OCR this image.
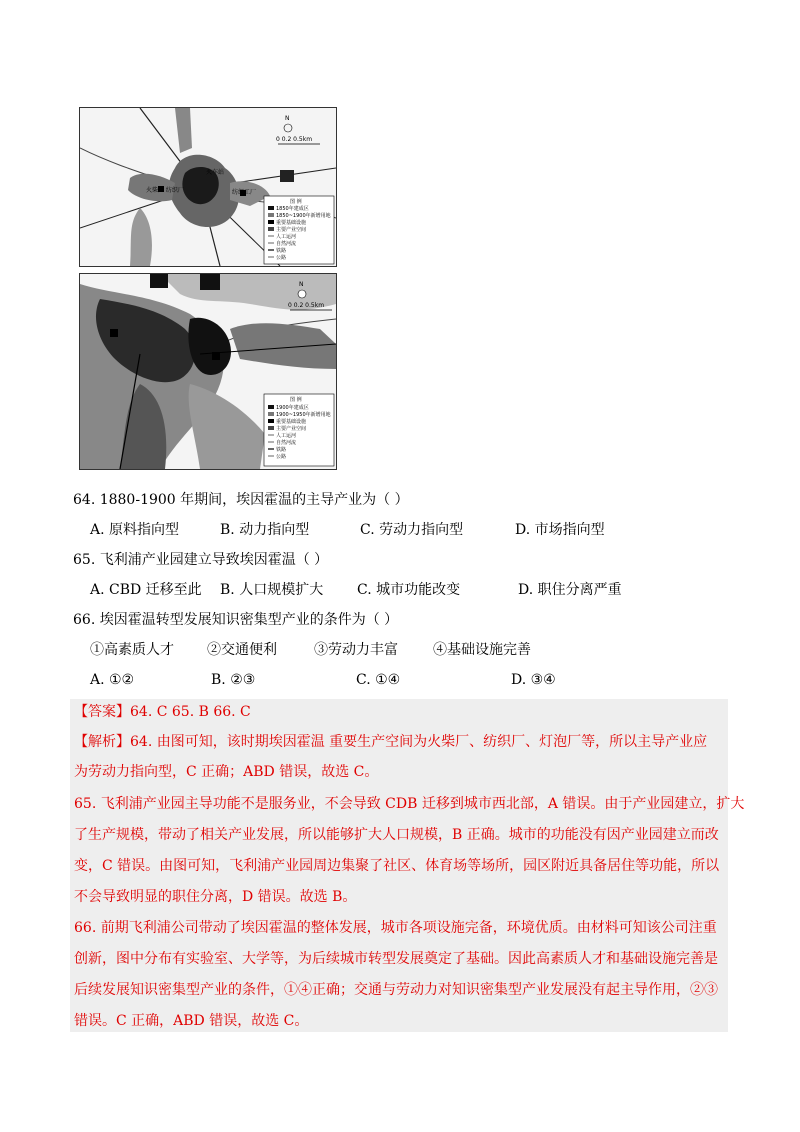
火车站
火柴厂 纺织厂	纺织工厂
N
0 0.2 0.5km
图 例
1850年建成区
1850~1900年新增用地
重要基础设施
主要产业空间
人工运河
自然河流
铁路
公路
N
0 0.2 0.5km
图 例
1900年建成区
1900~1950年新增用地
重要基础设施
主要产业空间
人工运河
自然河流
铁路
公路
64. 1880-1900 年期间，埃因霍温的主导产业为（ ）
A. 原料指向型	B. 动力指向型	C. 劳动力指向型	D. 市场指向型
65. 飞利浦产业园建立导致埃因霍温（ ）
A. CBD 迁移至此 B. 人口规模扩大 C. 城市功能改变	D. 职住分离严重
66. 埃因霍温转型发展知识密集型产业的条件为（ ）
①高素质人才 ②交通便利	③劳动力丰富	④基础设施完善
A. ①②	B. ②③	C. ①④	D. ③④
【答案】64. C 65. B 66. C
【解析】64. 由图可知，该时期埃因霍温 重要生产空间为火柴厂、纺织厂、灯泡厂等，所以主导产业应
为劳动力指向型，C 正确；ABD 错误，故选 C。
65. 飞利浦产业园主导功能不是服务业，不会导致 CDB 迁移到城市西北部，A 错误。由于产业园建立，扩大
了生产规模，带动了相关产业发展，所以能够扩大人口规模，B 正确。城市的功能没有因产业园建立而改
变，C 错误。由图可知，飞利浦产业园周边集聚了社区、体育场等场所，园区附近具备居住等功能，所以
不会导致明显的职住分离，D 错误。故选 B。
66. 前期飞利浦公司带动了埃因霍温的整体发展，城市各项设施完备，环境优质。由材料可知该公司注重
创新，图中分布有实验室、大学等，为后续城市转型发展奠定了基础。因此高素质人才和基础设施完善是
后续发展知识密集型产业的条件，①④正确；交通与劳动力对知识密集型产业发展没有起主导作用，②③
错误。C 正确，ABD 错误，故选 C。
